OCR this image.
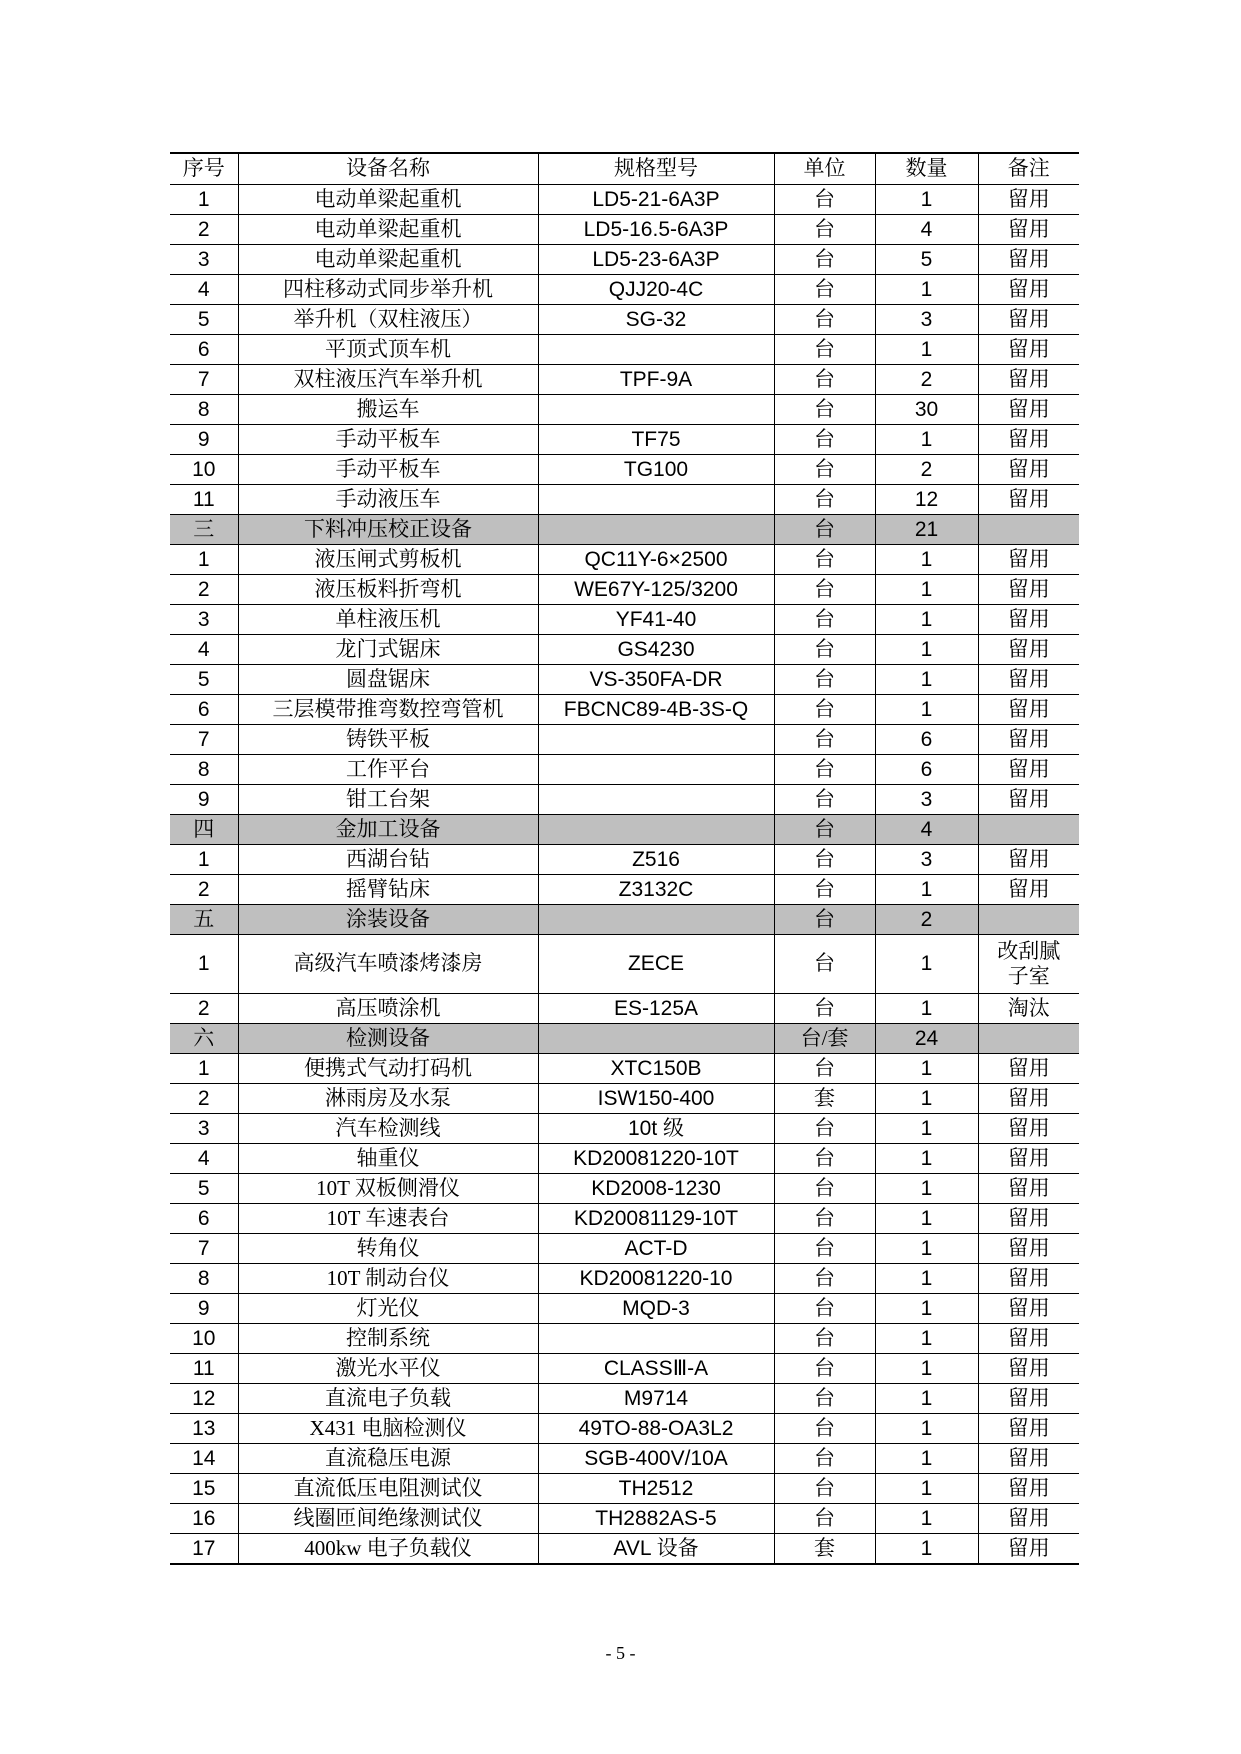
序号	设备名称	规格型号	单位	数量	备注
1	电动单梁起重机	LD5-21-6A3P	台	1	留用
2	电动单梁起重机	LD5-16.5-6A3P	台	4	留用
3	电动单梁起重机	LD5-23-6A3P	台	5	留用
4	四柱移动式同步举升机	QJJ20-4C	台	1	留用
5	举升机（双柱液压）	SG-32	台	3	留用
6	平顶式顶车机		台	1	留用
7	双柱液压汽车举升机	TPF-9A	台	2	留用
8	搬运车		台	30	留用
9	手动平板车	TF75	台	1	留用
10	手动平板车	TG100	台	2	留用
11	手动液压车		台	12	留用
三	下料冲压校正设备		台	21	
1	液压闸式剪板机	QC11Y-6×2500	台	1	留用
2	液压板料折弯机	WE67Y-125/3200	台	1	留用
3	单柱液压机	YF41-40	台	1	留用
4	龙门式锯床	GS4230	台	1	留用
5	圆盘锯床	VS-350FA-DR	台	1	留用
6	三层模带推弯数控弯管机	FBCNC89-4B-3S-Q	台	1	留用
7	铸铁平板		台	6	留用
8	工作平台		台	6	留用
9	钳工台架		台	3	留用
四	金加工设备		台	4	
1	西湖台钻	Z516	台	3	留用
2	摇臂钻床	Z3132C	台	1	留用
五	涂装设备		台	2	
1	高级汽车喷漆烤漆房	ZECE	台	1	改刮腻
子室
2	高压喷涂机	ES-125A	台	1	淘汰
六	检测设备		台/套	24	
1	便携式气动打码机	XTC150B	台	1	留用
2	淋雨房及水泵	ISW150-400	套	1	留用
3	汽车检测线	10t 级	台	1	留用
4	轴重仪	KD20081220-10T	台	1	留用
5	10T 双板侧滑仪	KD2008-1230	台	1	留用
6	10T 车速表台	KD20081129-10T	台	1	留用
7	转角仪	ACT-D	台	1	留用
8	10T 制动台仪	KD20081220-10	台	1	留用
9	灯光仪	MQD-3	台	1	留用
10	控制系统		台	1	留用
11	激光水平仪	CLASSⅢ-A	台	1	留用
12	直流电子负载	M9714	台	1	留用
13	X431 电脑检测仪	49TO-88-OA3L2	台	1	留用
14	直流稳压电源	SGB-400V/10A	台	1	留用
15	直流低压电阻测试仪	TH2512	台	1	留用
16	线圈匝间绝缘测试仪	TH2882AS-5	台	1	留用
17	400kw 电子负载仪	AVL 设备	套	1	留用
- 5 -
